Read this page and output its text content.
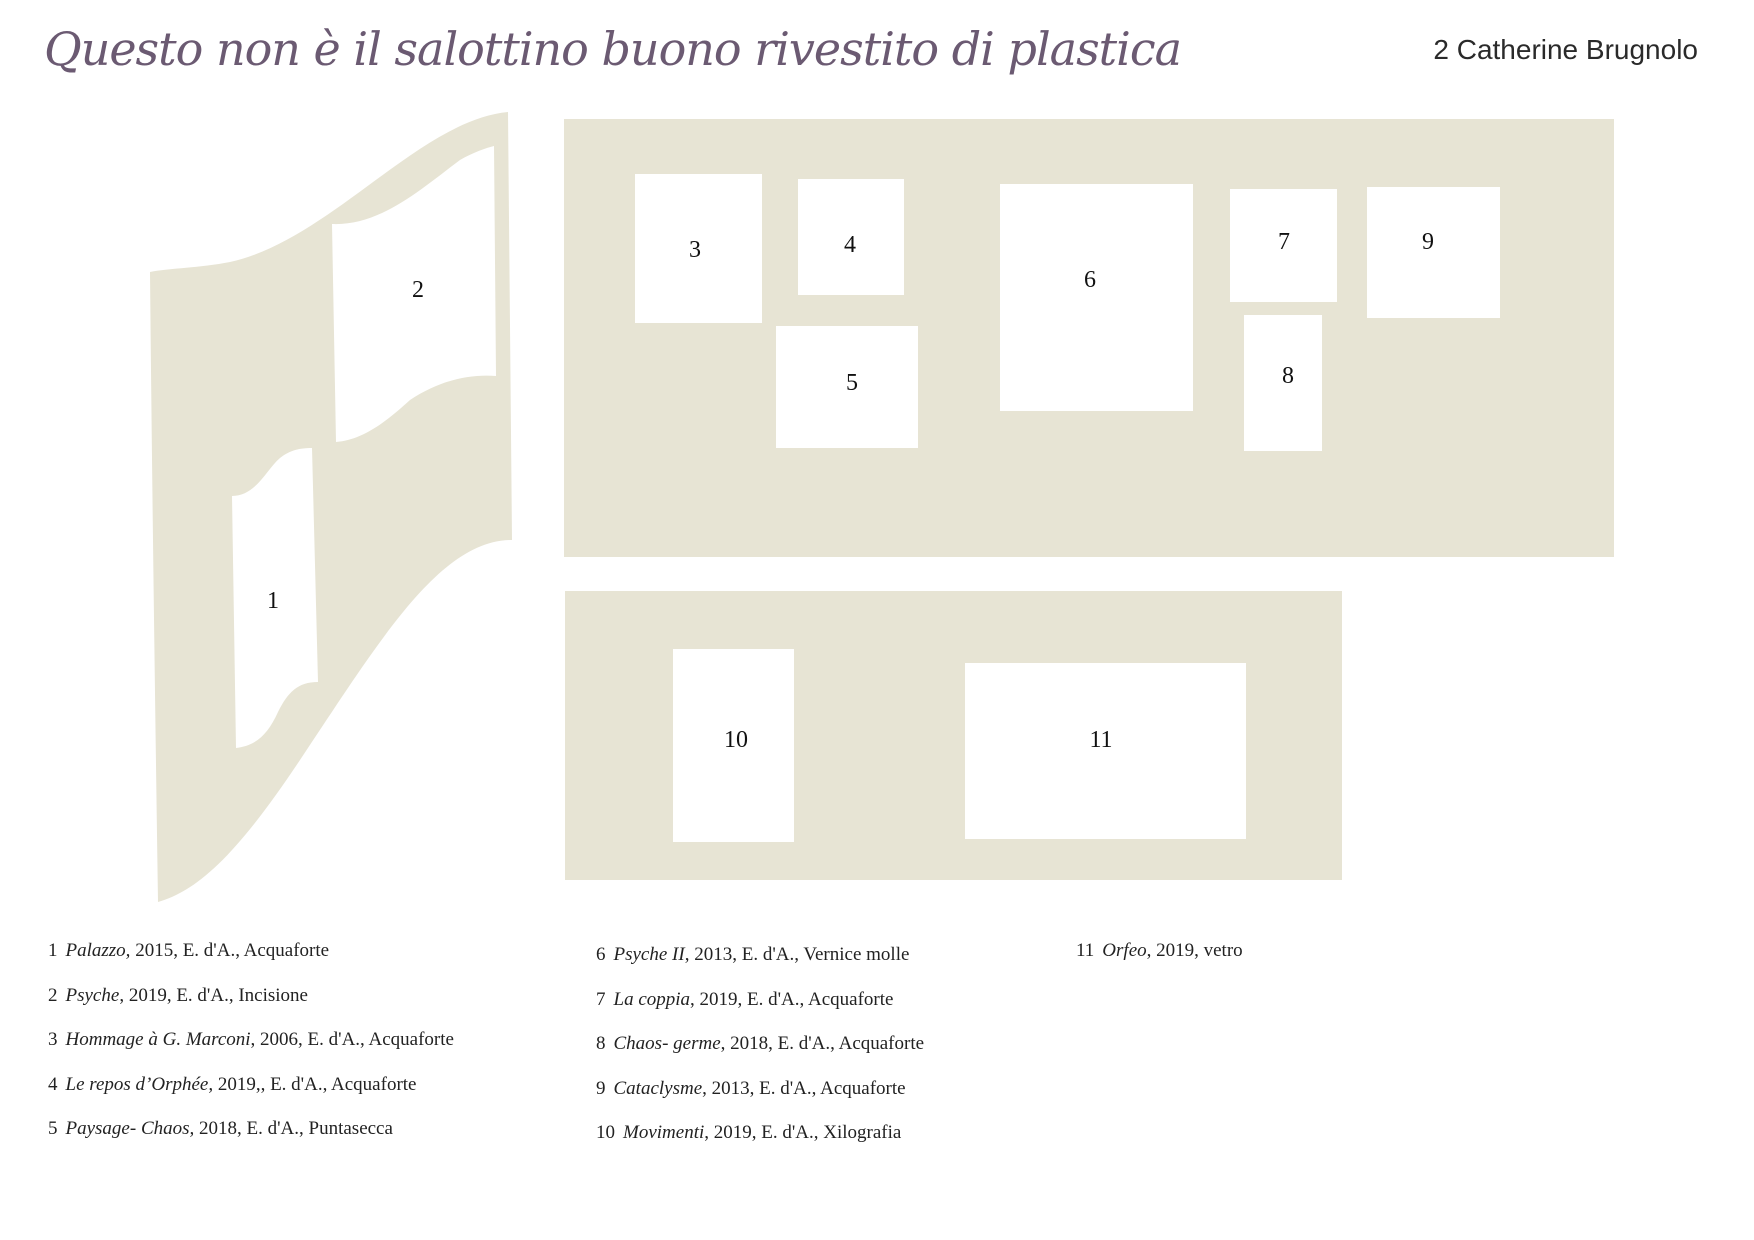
Questo non è il salottino buono rivestito di plastica	2 Catherine Brugnolo
1
2
3	4
5
6
7
8
9
10	11
1 Palazzo, 2015, E. d'A., Acquaforte
2 Psyche, 2019, E. d'A., Incisione
3 Hommage à G. Marconi, 2006, E. d'A., Acquaforte
4 Le repos d’Orphée, 2019,, E. d'A., Acquaforte
5 Paysage- Chaos, 2018, E. d'A., Puntasecca
6 Psyche II, 2013, E. d'A., Vernice molle
7 La coppia, 2019, E. d'A., Acquaforte
8 Chaos- germe, 2018, E. d'A., Acquaforte
9 Cataclysme, 2013, E. d'A., Acquaforte
10 Movimenti, 2019, E. d'A., Xilografia
11 Orfeo, 2019, vetro
